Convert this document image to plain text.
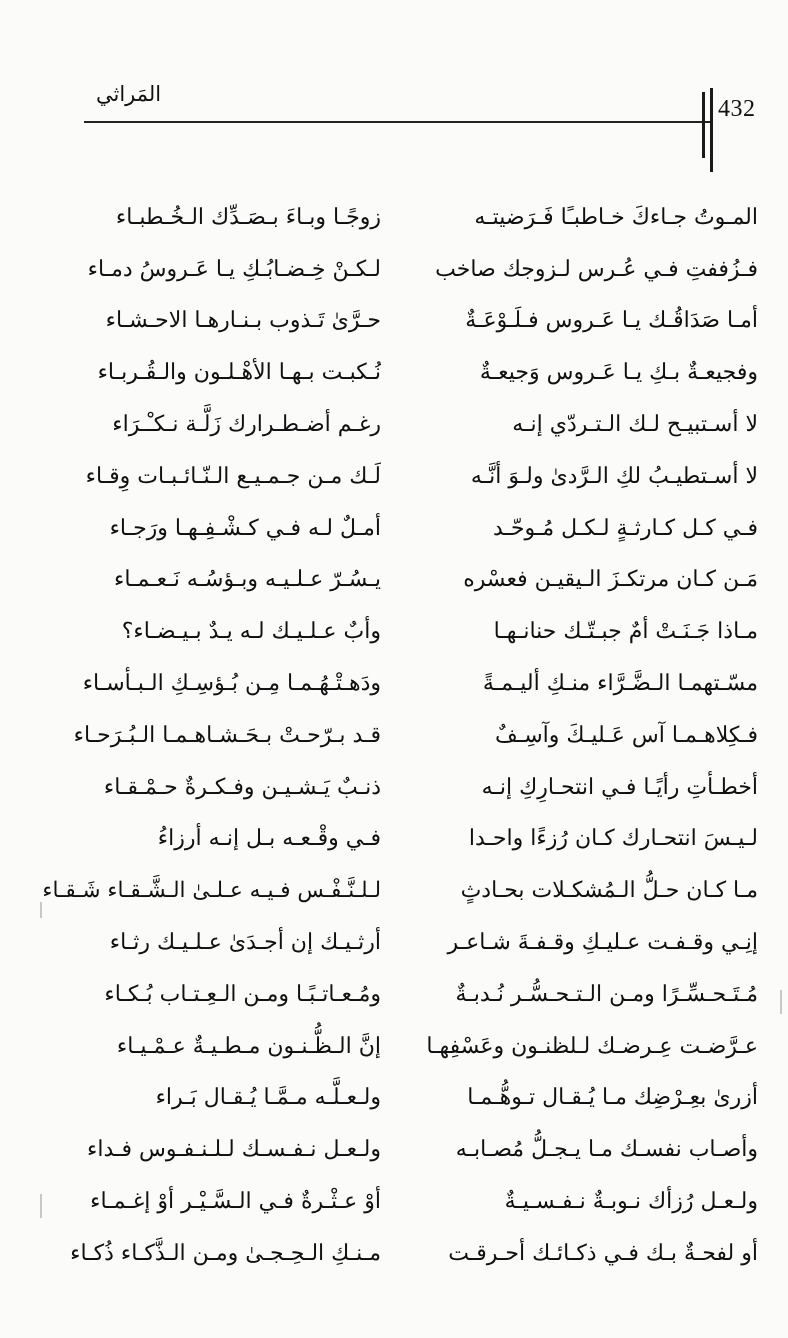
432
المَراثي
المـوتُ جـاءكَ خـاطبـًا فَـرَضيتـه
فـزُففتِ فـي عُـرس لـزوجك صاخب
أمـا صَدَاقُـك يـا عَـروس فـلَـوْعَـةٌ
وفجيعـةٌ بـكِ يـا عَـروس وَجيعـةٌ
لا أسـتبيـح لـك الـتـردّي إنـه
لا أسـتطيـبُ لكِ الـرَّدىٰ ولـوَ أنَّـه
فـي كـل كـارثـةٍ لـكـل مُـوحّـد
مَـن كـان مرتكـزَ الـيقيـن فعسْره
مـاذا جَـنَـتْ أمٌ جبـتّـك حنانـهـا
مسّـتهمـا الـضَّـرَّاء منـكِ أليـمـةً
فـكِلاهـمـا آس عَـليـكَ وآسِـفٌ
أخطـأتِ رأيًـا فـي انتحـارِكِ إنـه
لـيـسَ انتحـارك كـان رُزءًا واحـدا
مـا كـان حـلُّ الـمُشكـلات بحـادثٍ
إنِـي وقـفـت عـليـكِ وقـفـةَ شـاعـر
مُـتَـحـسِّـرًا ومـن الـتـحـسُّـر نُـدبـةٌ
عـرَّضـت عِـرضـك لـلظنـون وعَسْفِهـا
أزرىٰ بعِـرْضِك مـا يُـقـال تـوهُّـمـا
وأصـاب نفسـك مـا يـجـلُّ مُصـابـه
ولـعـل رُزأك نـوبـةٌ نـفـسـيـةٌ
أو لفحـةٌ بـك فـي ذكـائـك أحـرقـت
زوجًـا وبـاءَ بـصَـدِّك الـخُـطبـاء
لـكـنْ خِـضـابُـكِ يـا عَـروسُ دمـاء
حـرَّىٰ تَـذوب بـنـارهـا الاحـشـاء
نُـكبـت بـهـا الأهْـلـون والـقُـربـاء
رغـم أضـطـرارك زَلَّـة نـكـْـرَاء
لَـك مـن جـمـيـع الـنّـائـبـات وِقـاء
أمـلٌ لـه فـي كـشْـفِـهـا ورَجـاء
يـسُـرّ عـلـيـه وبـؤسُـه نَـعـمـاء
وأبٌ عـلـيـك لـه يـدٌ بـيـضـاء؟
ودَهـتْـهُـمـا مِـن بُـؤسِـكِ الـبـأسـاء
قـد بـرّحـتْ بـحَـشـاهـمـا الـبُـرَحـاء
ذنـبٌ يَـشـيـن وفـكـرةٌ حـمْـقـاء
فـي وقْـعـه بـل إنـه أرزاءُ
لـلـنَّـفْـس فـيـه عـلـىٰ الـشَّـقـاء شَـقـاء
أرثـيـك إن أجـدَىٰ عـلـيـك رثـاء
ومُـعـاتـبًـا ومـن الـعِـتـاب بُـكـاء
إنَّ الـظُّـنـون مـطـيـةٌ عـمْـيـاء
ولـعـلَّـه مـمَّـا يُـقـال بَـراء
ولـعـل نـفـسـك لـلـنـفـوس فـداء
أوْ عـثْـرةٌ فـي الـسَّـيْـر أوْ إغـمـاء
مـنـكِ الـحِـجـىٰ ومـن الـذَّكـاء ذُكـاء
